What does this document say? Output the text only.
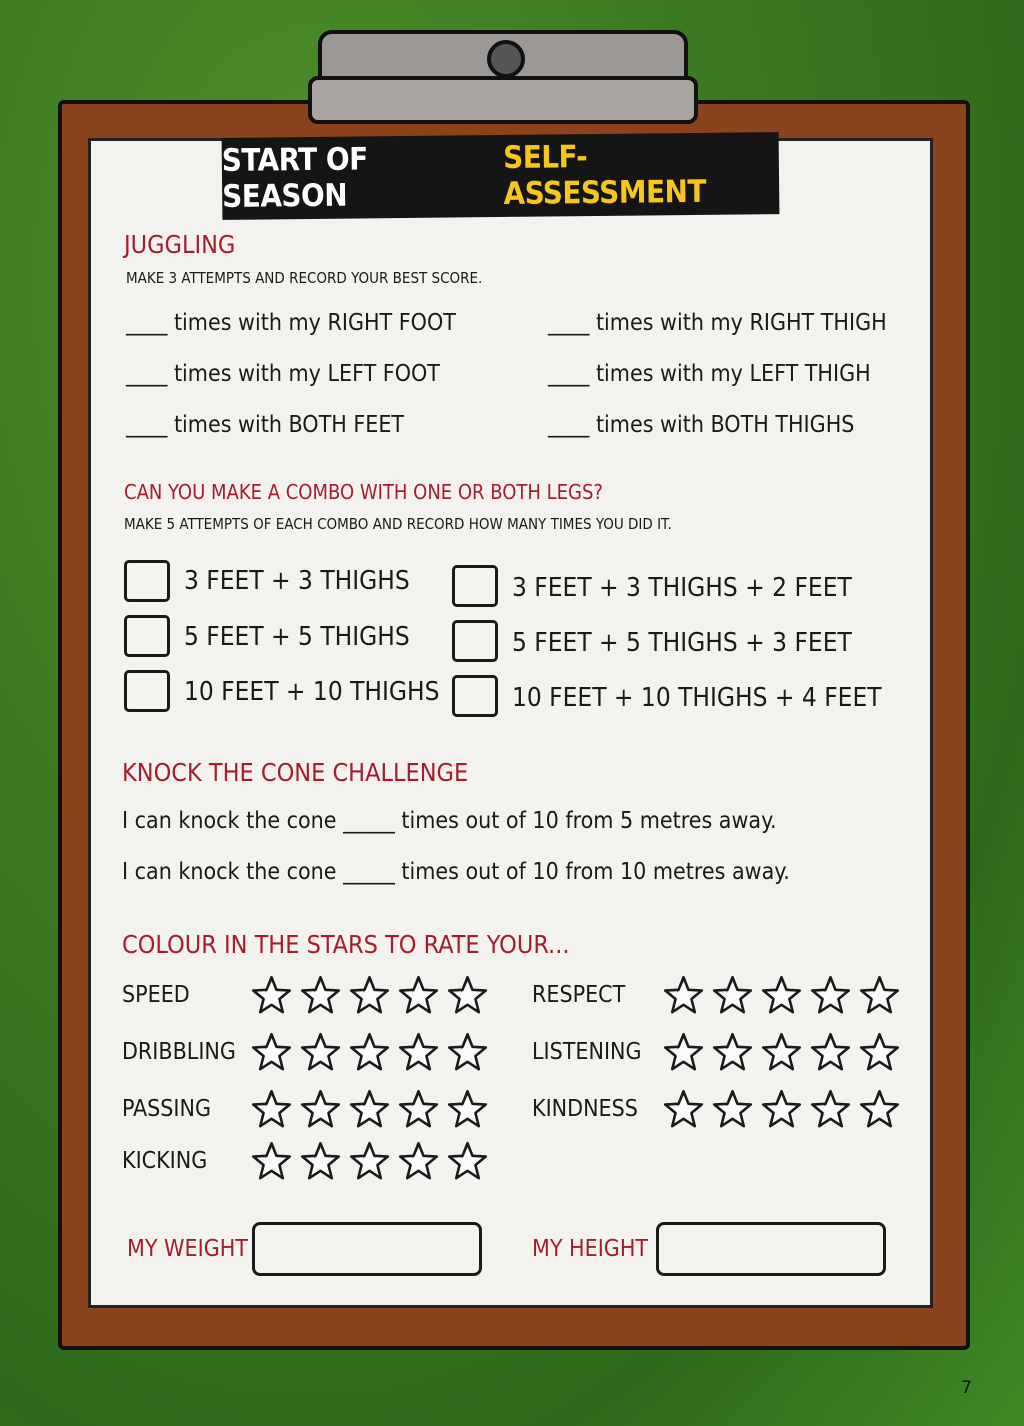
START OF SEASON
SELF-ASSESSMENT
JUGGLING
MAKE 3 ATTEMPTS AND RECORD YOUR BEST SCORE.
____ times with my RIGHT FOOT	____ times with my RIGHT THIGH
____ times with my LEFT FOOT	____ times with my LEFT THIGH
____ times with BOTH FEET	____ times with BOTH THIGHS
CAN YOU MAKE A COMBO WITH ONE OR BOTH LEGS?
MAKE 5 ATTEMPTS OF EACH COMBO AND RECORD HOW MANY TIMES YOU DID IT.
3 FEET + 3 THIGHS	3 FEET + 3 THIGHS + 2 FEET
5 FEET + 5 THIGHS	5 FEET + 5 THIGHS + 3 FEET
10 FEET + 10 THIGHS	10 FEET + 10 THIGHS + 4 FEET
KNOCK THE CONE CHALLENGE
I can knock the cone _____ times out of 10 from 5 metres away.
I can knock the cone _____ times out of 10 from 10 metres away.
COLOUR IN THE STARS TO RATE YOUR...
SPEED	RESPECT
DRIBBLING	LISTENING
PASSING	KINDNESS
KICKING
MY WEIGHT	MY HEIGHT
7
